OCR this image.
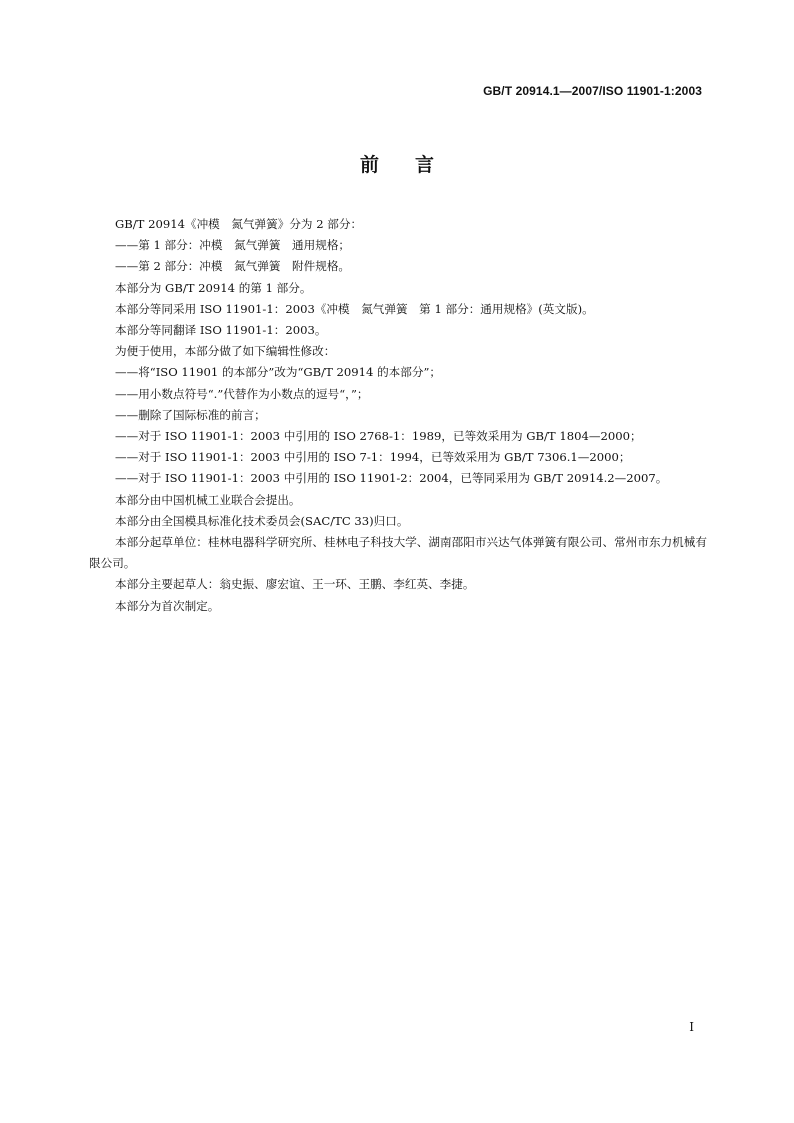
GB/T 20914.1—2007/ISO 11901-1:2003
前言

GB/T 20914《冲模　氮气弹簧》分为 2 部分：

——第 1 部分：冲模　氮气弹簧　通用规格；

——第 2 部分：冲模　氮气弹簧　附件规格。

本部分为 GB/T 20914 的第 1 部分。

本部分等同采用 ISO 11901-1：2003《冲模　氮气弹簧　第 1 部分：通用规格》(英文版)。

本部分等同翻译 ISO 11901-1：2003。

为便于使用，本部分做了如下编辑性修改：

——将“ISO 11901 的本部分”改为“GB/T 20914 的本部分”；

——用小数点符号“.”代替作为小数点的逗号“，”；

——删除了国际标准的前言；

——对于 ISO 11901-1：2003 中引用的 ISO 2768-1：1989，已等效采用为 GB/T 1804—2000；

——对于 ISO 11901-1：2003 中引用的 ISO 7-1：1994，已等效采用为 GB/T 7306.1—2000；

——对于 ISO 11901-1：2003 中引用的 ISO 11901-2：2004，已等同采用为 GB/T 20914.2—2007。

本部分由中国机械工业联合会提出。

本部分由全国模具标准化技术委员会(SAC/TC 33)归口。

本部分起草单位：桂林电器科学研究所、桂林电子科技大学、湖南邵阳市兴达气体弹簧有限公司、常州市东力机械有限公司。

本部分主要起草人：翁史振、廖宏谊、王一环、王鹏、李红英、李捷。

本部分为首次制定。

I
